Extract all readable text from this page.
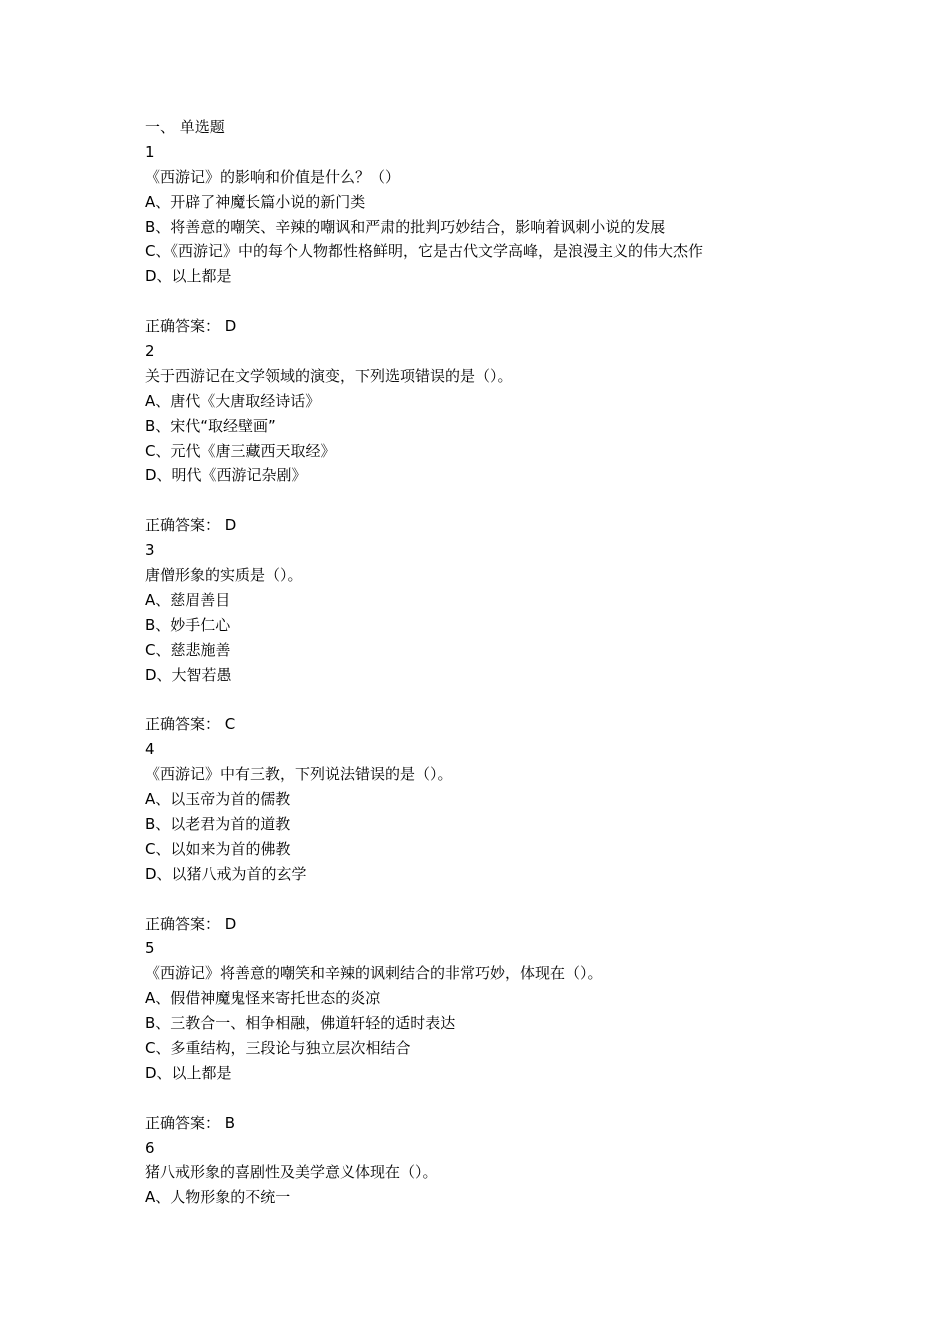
一、 单选题
1
《西游记》的影响和价值是什么？（）
A、开辟了神魔长篇小说的新门类
B、将善意的嘲笑、辛辣的嘲讽和严肃的批判巧妙结合，影响着讽刺小说的发展
C、《西游记》中的每个人物都性格鲜明，它是古代文学高峰，是浪漫主义的伟大杰作
D、以上都是
正确答案： D
2
关于西游记在文学领域的演变，下列选项错误的是（）。
A、唐代《大唐取经诗话》
B、宋代“取经壁画”
C、元代《唐三藏西天取经》
D、明代《西游记杂剧》
正确答案： D
3
唐僧形象的实质是（）。
A、慈眉善目
B、妙手仁心
C、慈悲施善
D、大智若愚
正确答案： C
4
《西游记》中有三教，下列说法错误的是（）。
A、以玉帝为首的儒教
B、以老君为首的道教
C、以如来为首的佛教
D、以猪八戒为首的玄学
正确答案： D
5
《西游记》将善意的嘲笑和辛辣的讽刺结合的非常巧妙，体现在（）。
A、假借神魔鬼怪来寄托世态的炎凉
B、三教合一、相争相融，佛道轩轻的适时表达
C、多重结构，三段论与独立层次相结合
D、以上都是
正确答案： B
6
猪八戒形象的喜剧性及美学意义体现在（）。
A、人物形象的不统一
